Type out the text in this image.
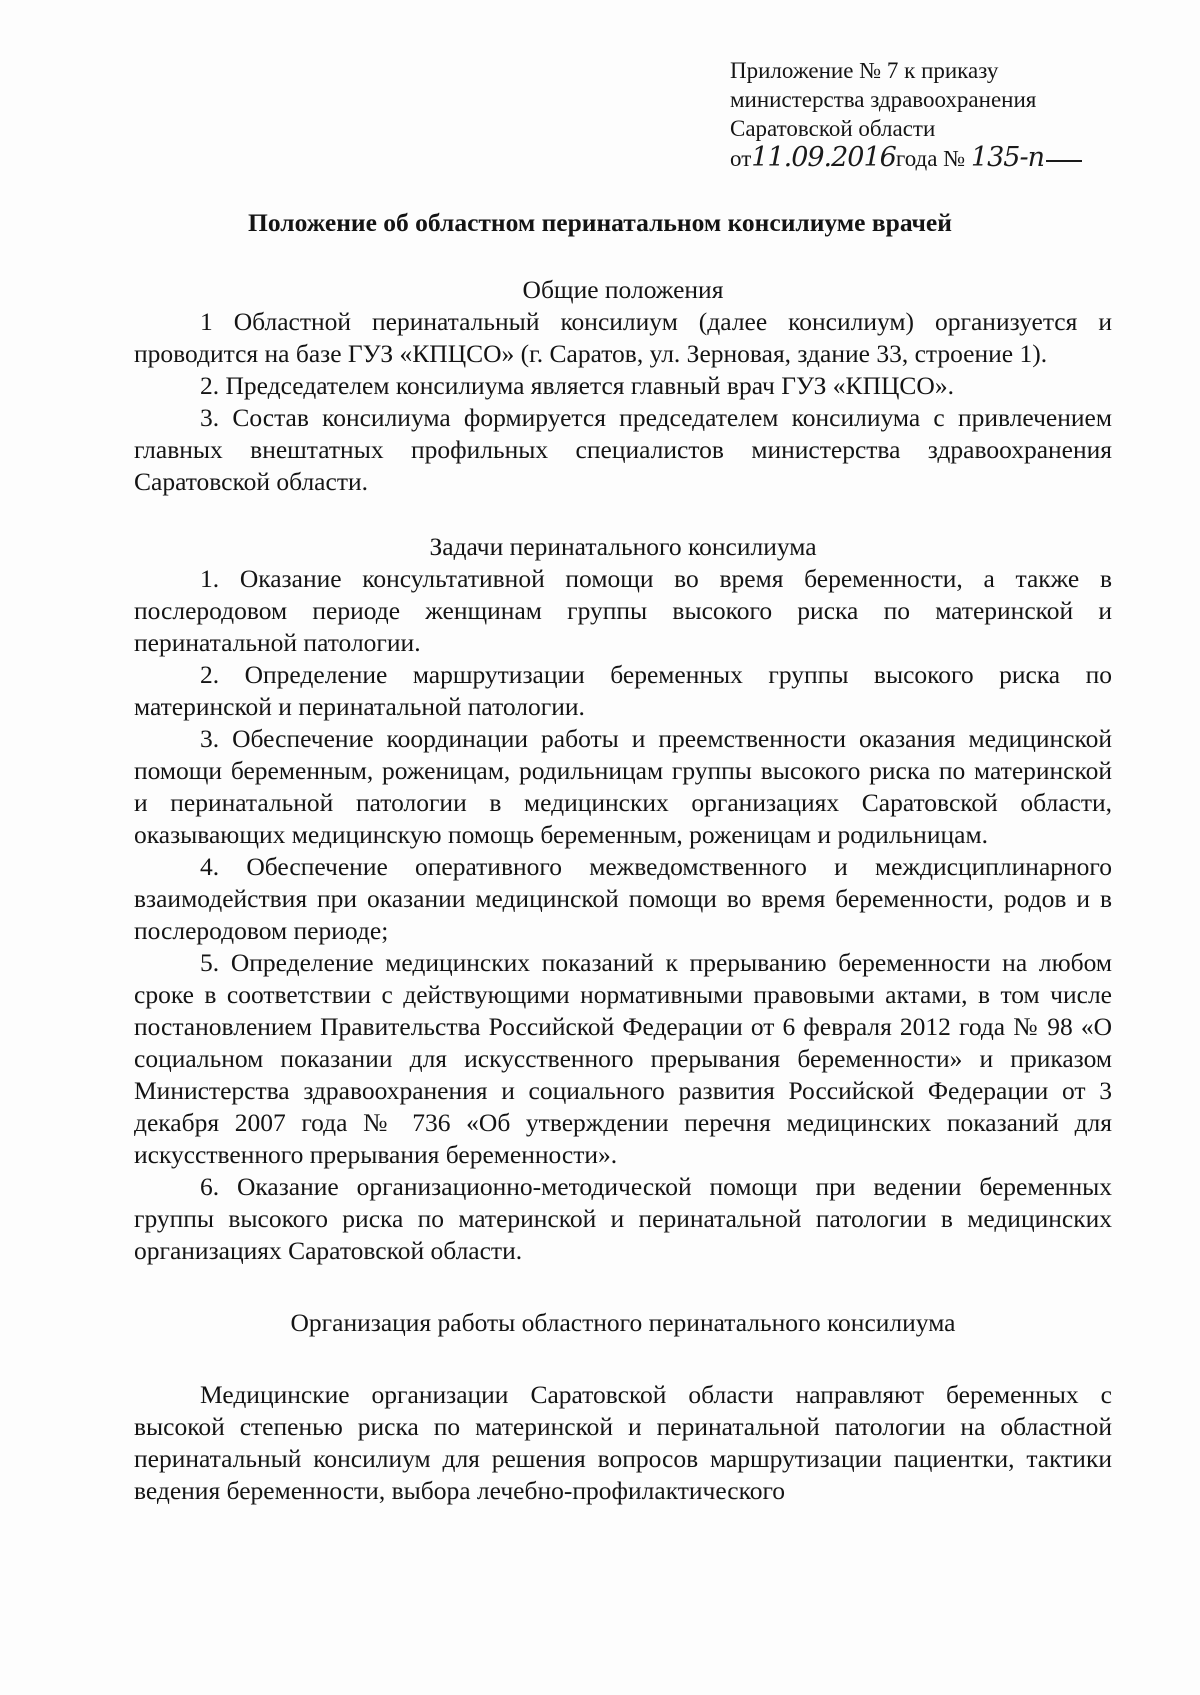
Приложение № 7 к приказу
министерства здравоохранения
Саратовской области
от11.09.2016года № 135-п
Положение об областном перинатальном консилиуме врачей

Общие положения

1 Областной перинатальный консилиум (далее консилиум) организуется и проводится на базе ГУЗ «КПЦСО» (г. Саратов, ул. Зерновая, здание 33, строение 1).

2. Председателем консилиума является главный врач ГУЗ «КПЦСО».

3. Состав консилиума формируется председателем консилиума с привлечением главных внештатных профильных специалистов министерства здравоохранения Саратовской области.

Задачи перинатального консилиума

1. Оказание консультативной помощи во время беременности, а также в послеродовом периоде женщинам группы высокого риска по материнской и перинатальной патологии.

2. Определение маршрутизации беременных группы высокого риска по материнской и перинатальной патологии.

3. Обеспечение координации работы и преемственности оказания медицинской помощи беременным, роженицам, родильницам группы высокого риска по материнской и перинатальной патологии в медицинских организациях Саратовской области, оказывающих медицинскую помощь беременным, роженицам и родильницам.

4. Обеспечение оперативного межведомственного и междисциплинарного взаимодействия при оказании медицинской помощи во время беременности, родов и в послеродовом периоде;

5. Определение медицинских показаний к прерыванию беременности на любом сроке в соответствии с действующими нормативными правовыми актами, в том числе постановлением Правительства Российской Федерации от 6 февраля 2012 года № 98 «О социальном показании для искусственного прерывания беременности» и приказом Министерства здравоохранения и социального развития Российской Федерации от 3 декабря 2007 года № 736 «Об утверждении перечня медицинских показаний для искусственного прерывания беременности».

6. Оказание организационно-методической помощи при ведении беременных группы высокого риска по материнской и перинатальной патологии в медицинских организациях Саратовской области.

Организация работы областного перинатального консилиума

Медицинские организации Саратовской области направляют беременных с высокой степенью риска по материнской и перинатальной патологии на областной перинатальный консилиум для решения вопросов маршрутизации пациентки, тактики ведения беременности, выбора лечебно-профилактического
